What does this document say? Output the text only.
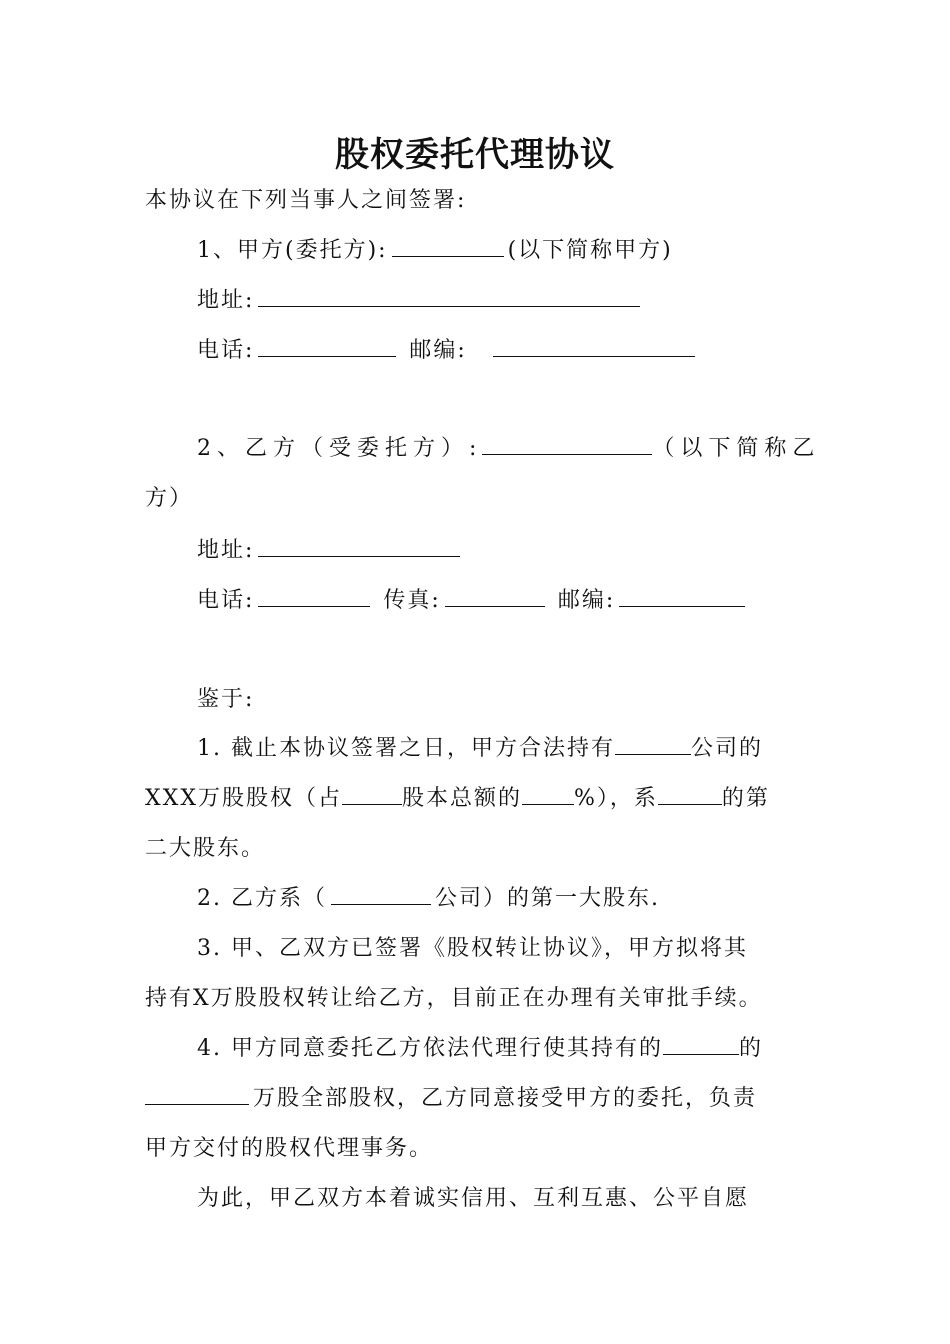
股权委托代理协议
本协议在下列当事人之间签署:
1、甲方(委托方):	(以下简称甲方)
地址:
电话:	邮编:
2、乙方（受委托方）:	（以下简称乙
方）
地址:
电话:	传真:	邮编:
鉴于:
1. 截止本协议签署之日，甲方合法持有	公司的
XXX万股股权（占	股本总额的 %），系	的第
二大股东。
2. 乙方系（	公司）的第一大股东.
3. 甲、乙双方已签署《股权转让协议》，甲方拟将其
持有X万股股权转让给乙方，目前正在办理有关审批手续。
4. 甲方同意委托乙方依法代理行使其持有的	的
万股全部股权，乙方同意接受甲方的委托，负责
甲方交付的股权代理事务。
为此，甲乙双方本着诚实信用、互利互惠、公平自愿
